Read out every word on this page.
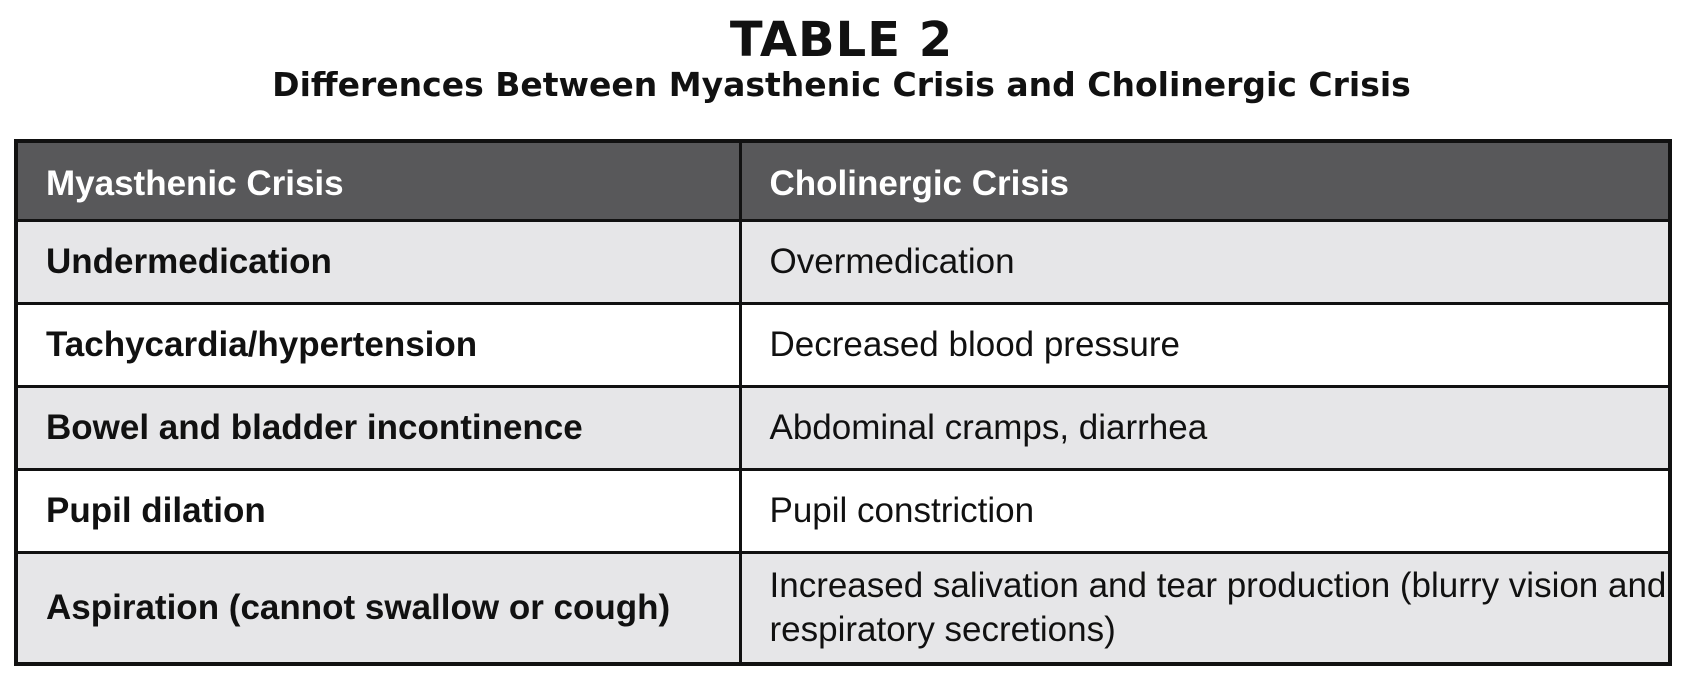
TABLE 2
Differences Between Myasthenic Crisis and Cholinergic Crisis
Myasthenic Crisis	Cholinergic Crisis
Undermedication	Overmedication
Tachycardia/hypertension	Decreased blood pressure
Bowel and bladder incontinence	Abdominal cramps, diarrhea
Pupil dilation	Pupil constriction
Aspiration (cannot swallow or cough)	Increased salivation and tear production (blurry vision and respiratory secretions)
